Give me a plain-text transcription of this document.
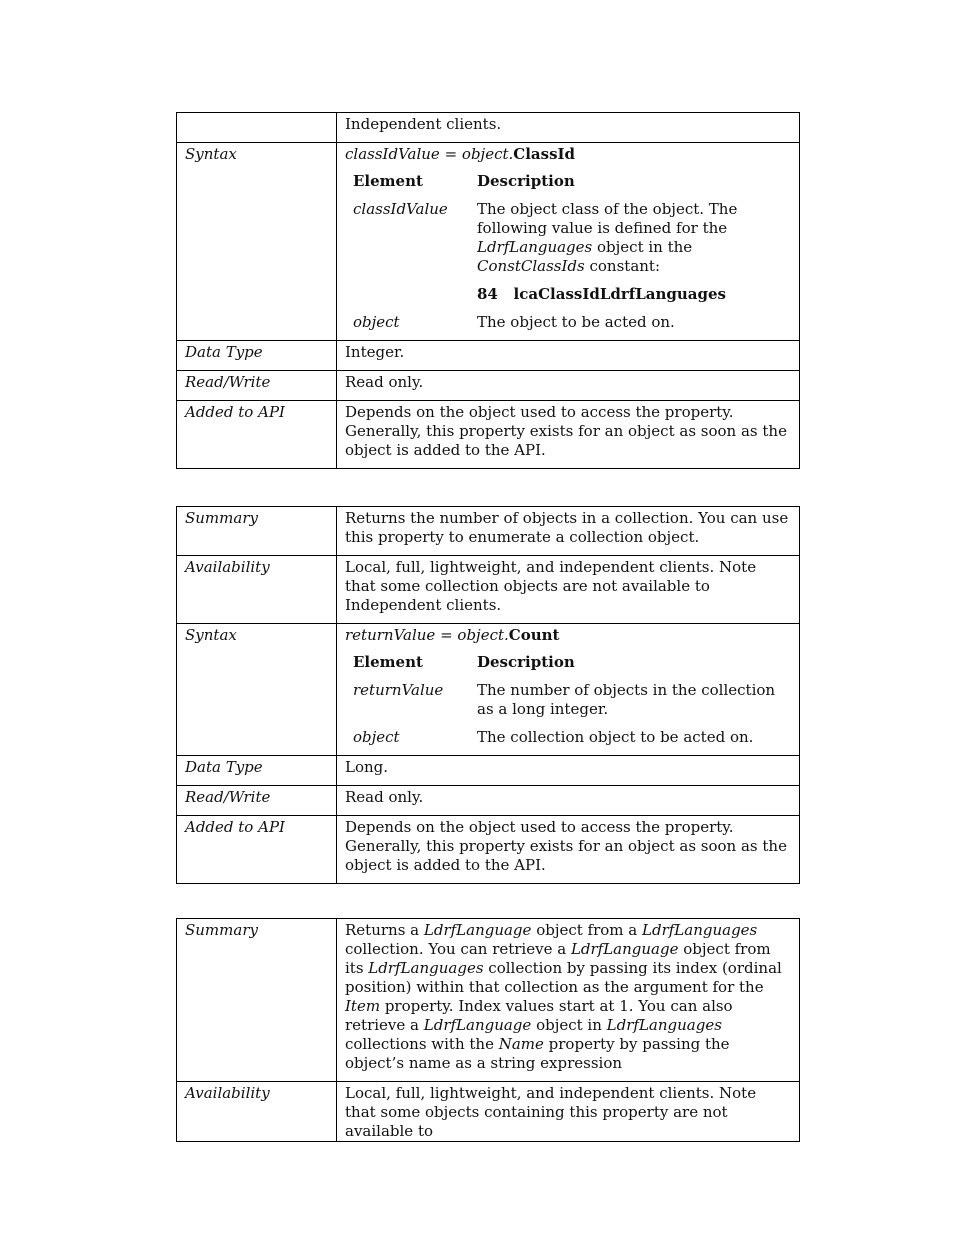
	Independent clients.
Syntax	classIdValue = object.ClassId
Element	Description
classIdValue	The object class of the object. The following value is defined for the LdrfLanguages object in the ConstClassIds constant:
84 lcaClassIdLdrfLanguages

object	The object to be acted on.

Data Type	Integer.
Read/Write	Read only.
Added to API	Depends on the object used to access the property. Generally, this property exists for an object as soon as the object is added to the API.
Summary	Returns the number of objects in a collection. You can use this property to enumerate a collection object.
Availability	Local, full, lightweight, and independent clients. Note that some collection objects are not available to Independent clients.
Syntax	returnValue = object.Count
Element	Description
returnValue	The number of objects in the collection as a long integer.
object	The collection object to be acted on.

Data Type	Long.
Read/Write	Read only.
Added to API	Depends on the object used to access the property. Generally, this property exists for an object as soon as the object is added to the API.
Summary	Returns a LdrfLanguage object from a LdrfLanguages collection. You can retrieve a LdrfLanguage object from its LdrfLanguages collection by passing its index (ordinal position) within that collection as the argument for the Item property. Index values start at 1. You can also retrieve a LdrfLanguage object in LdrfLanguages collections with the Name property by passing the object’s name as a string expression
Availability	Local, full, lightweight, and independent clients. Note that some objects containing this property are not available to
